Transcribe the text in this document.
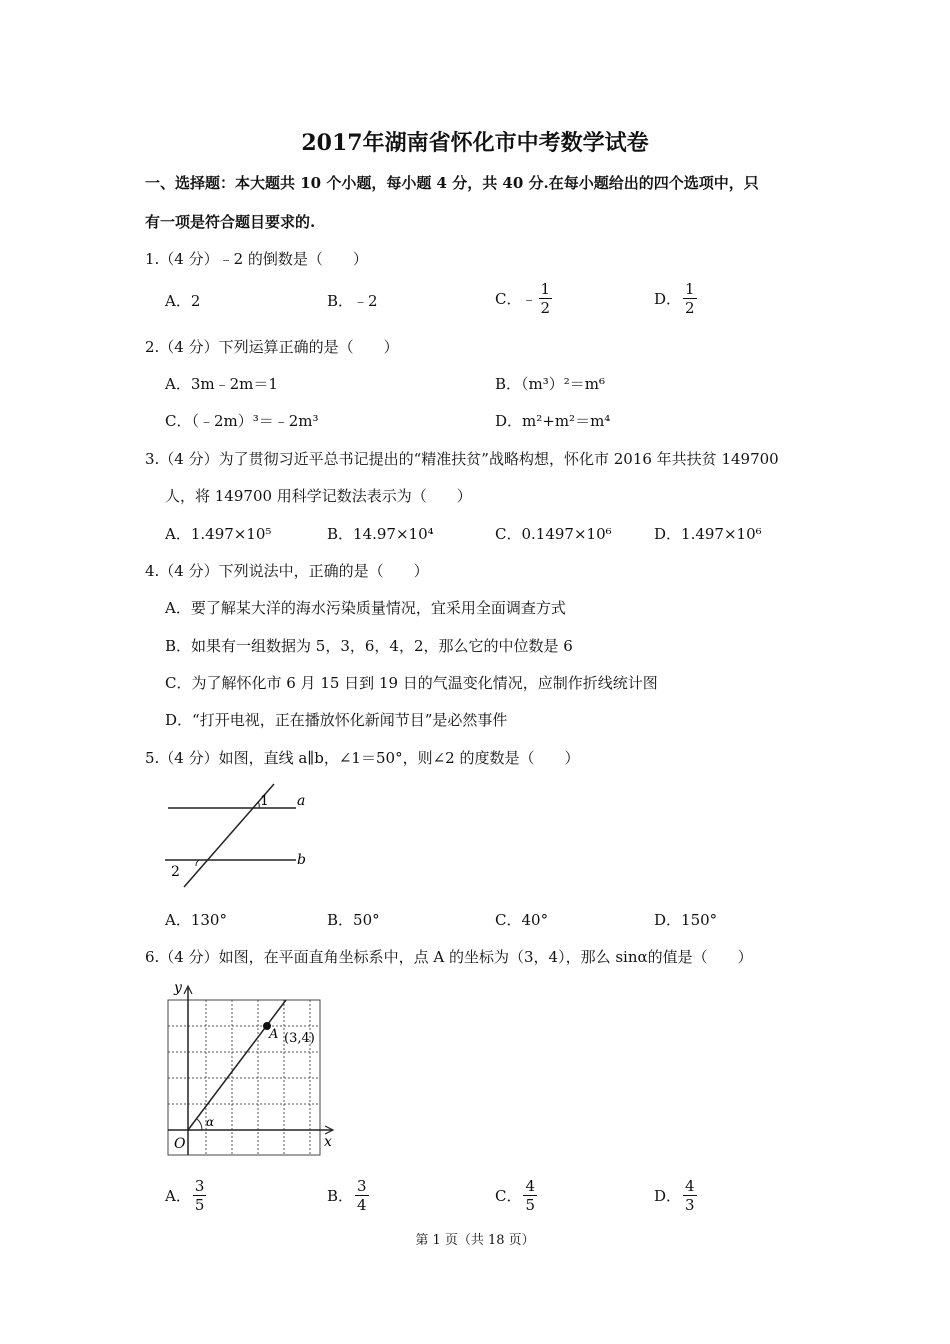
2017年湖南省怀化市中考数学试卷
一、选择题：本大题共 10 个小题，每小题 4 分，共 40 分.在每小题给出的四个选项中，只
有一项是符合题目要求的.
1.（4 分）﹣2 的倒数是（　　）
A．2	B．﹣2	C．﹣ $\frac{1}{2}$	D． $\frac{1}{2}$
2.（4 分）下列运算正确的是（　　）
A．3m﹣2m＝1	B．（m³）²＝m⁶
C．（﹣2m）³＝﹣2m³	D．m²+m²＝m⁴
3.（4 分）为了贯彻习近平总书记提出的“精准扶贫”战略构想，怀化市 2016 年共扶贫 149700
人，将 149700 用科学记数法表示为（　　）
A．1.497×10⁵	B．14.97×10⁴	C．0.1497×10⁶	D．1.497×10⁶
4.（4 分）下列说法中，正确的是（　　）
A．要了解某大洋的海水污染质量情况，宜采用全面调查方式
B．如果有一组数据为 5，3，6，4，2，那么它的中位数是 6
C．为了解怀化市 6 月 15 日到 19 日的气温变化情况，应制作折线统计图
D．“打开电视，正在播放怀化新闻节目”是必然事件
5.（4 分）如图，直线 a∥b，∠1＝50°，则∠2 的度数是（　　）
1 a
2
b
A．130°	B．50°	C．40°	D．150°
6.（4 分）如图，在平面直角坐标系中，点 A 的坐标为（3，4），那么 sinα的值是（　　）
y
x
O
A (3,4)
α
A． $\frac{3}{5}$	B． $\frac{3}{4}$	C． $\frac{4}{5}$	D． $\frac{4}{3}$
第 1 页（共 18 页）
